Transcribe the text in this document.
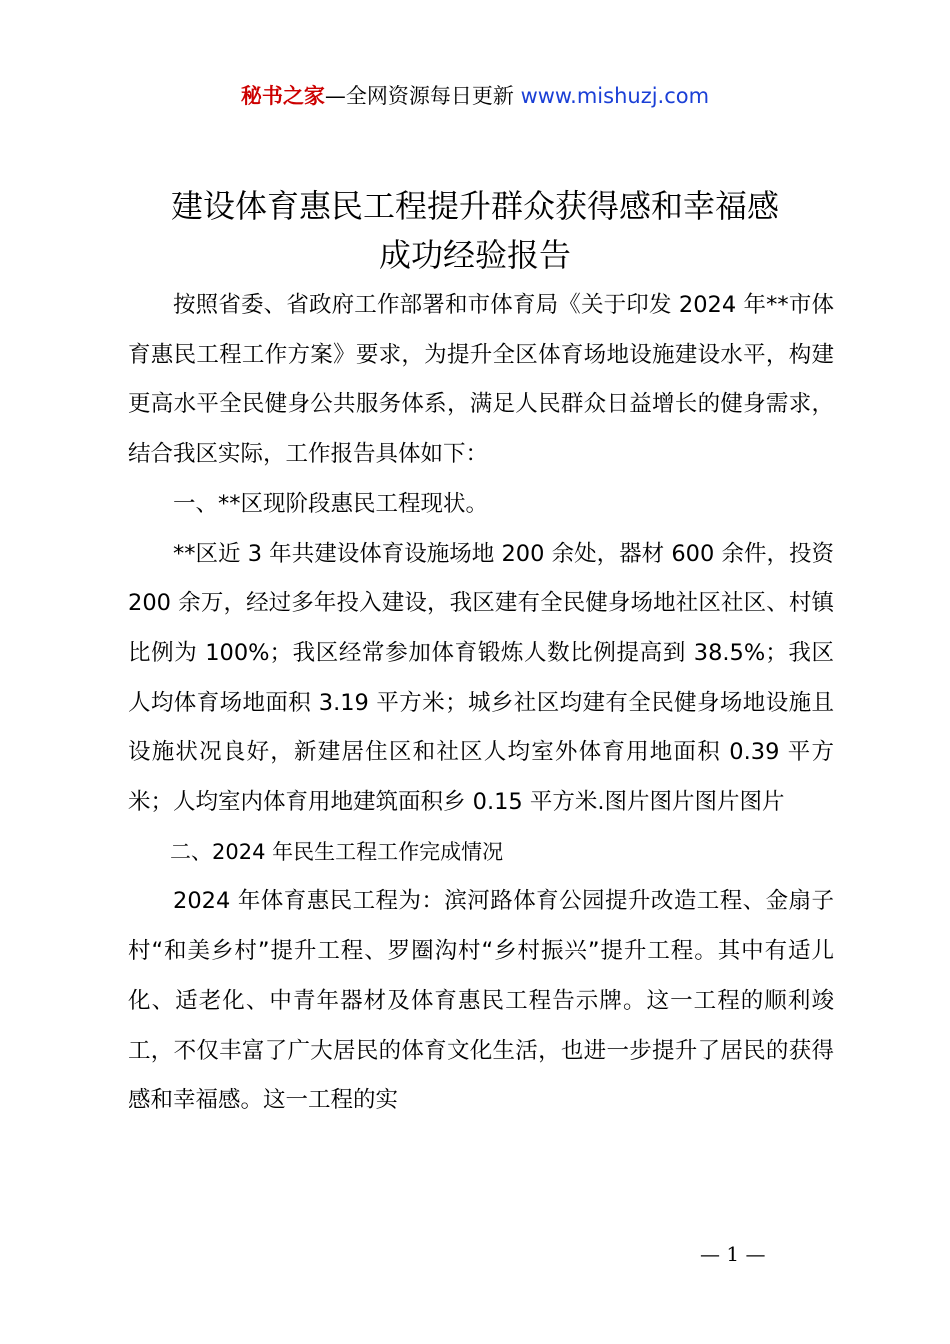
秘书之家—全网资源每日更新 www.mishuzj.com
建设体育惠民工程提升群众获得感和幸福感
成功经验报告

按照省委、省政府工作部署和市体育局《关于印发 2024 年**市体育惠民工程工作方案》要求，为提升全区体育场地设施建设水平，构建更高水平全民健身公共服务体系，满足人民群众日益增长的健身需求，结合我区实际，工作报告具体如下：

一、**区现阶段惠民工程现状。

**区近 3 年共建设体育设施场地 200 余处，器材 600 余件，投资 200 余万，经过多年投入建设，我区建有全民健身场地社区社区、村镇比例为 100%；我区经常参加体育锻炼人数比例提高到 38.5%；我区人均体育场地面积 3.19 平方米；城乡社区均建有全民健身场地设施且设施状况良好，新建居住区和社区人均室外体育用地面积 0.39 平方米；人均室内体育用地建筑面积乡 0.15 平方米.图片图片图片图片

二、2024 年民生工程工作完成情况

2024 年体育惠民工程为：滨河路体育公园提升改造工程、金扇子村“和美乡村”提升工程、罗圈沟村“乡村振兴”提升工程。其中有适儿化、适老化、中青年器材及体育惠民工程告示牌。这一工程的顺利竣工，不仅丰富了广大居民的体育文化生活，也进一步提升了居民的获得感和幸福感。这一工程的实

— 1 —
